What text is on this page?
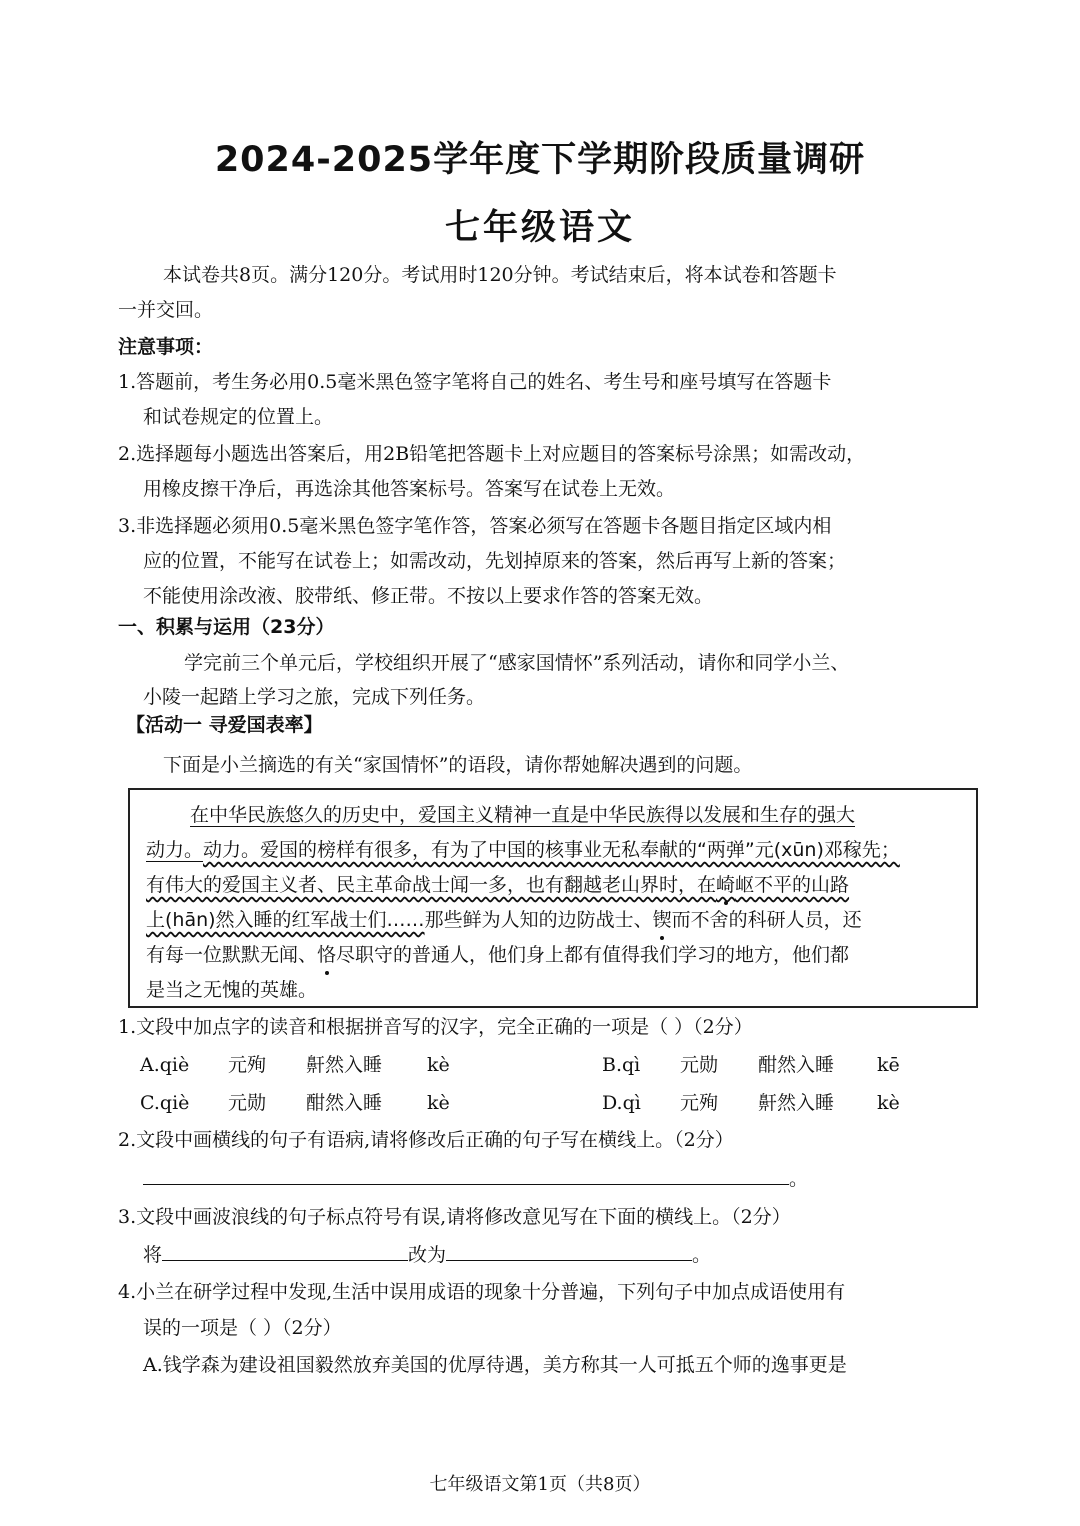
2024-2025学年度下学期阶段质量调研
七年级语文
本试卷共8页。满分120分。考试用时120分钟。考试结束后，将本试卷和答题卡
一并交回。
注意事项：
1.答题前，考生务必用0.5毫米黑色签字笔将自己的姓名、考生号和座号填写在答题卡
和试卷规定的位置上。
2.选择题每小题选出答案后，用2B铅笔把答题卡上对应题目的答案标号涂黑；如需改动，
用橡皮擦干净后，再选涂其他答案标号。答案写在试卷上无效。
3.非选择题必须用0.5毫米黑色签字笔作答，答案必须写在答题卡各题目指定区域内相
应的位置，不能写在试卷上；如需改动，先划掉原来的答案，然后再写上新的答案；
不能使用涂改液、胶带纸、修正带。不按以上要求作答的答案无效。
一、积累与运用（23分）
学完前三个单元后，学校组织开展了“感家国情怀”系列活动，请你和同学小兰、
小陵一起踏上学习之旅，完成下列任务。
【活动一 寻爱国表率】
下面是小兰摘选的有关“家国情怀”的语段，请你帮她解决遇到的问题。
在中华民族悠久的历史中，爱国主义精神一直是中华民族得以发展和生存的强大
动力。动力。爱国的榜样有很多，有为了中国的核事业无私奉献的“两弹”元(xūn)邓稼先；
有伟大的爱国主义者、民主革命战士闻一多，也有翻越老山界时，在崎岖不平的山路
上(hān)然入睡的红军战士们……那些鲜为人知的边防战士、锲而不舍的科研人员，还
有每一位默默无闻、恪尽职守的普通人，他们身上都有值得我们学习的地方，他们都
是当之无愧的英雄。
1.文段中加点字的读音和根据拼音写的汉字，完全正确的一项是（ ）（2分）
A.qiè 元殉 鼾然入睡 kè	B.qì 元勋 酣然入睡 kē
C.qiè 元勋 酣然入睡 kè	D.qì 元殉 鼾然入睡 kè
2.文段中画横线的句子有语病,请将修改后正确的句子写在横线上。（2分）
。
3.文段中画波浪线的句子标点符号有误,请将修改意见写在下面的横线上。（2分）
将	改为	。
4.小兰在研学过程中发现,生活中误用成语的现象十分普遍，下列句子中加点成语使用有
误的一项是（ ）（2分）
A.钱学森为建设祖国毅然放弃美国的优厚待遇，美方称其一人可抵五个师的逸事更是
七年级语文第1页（共8页）
